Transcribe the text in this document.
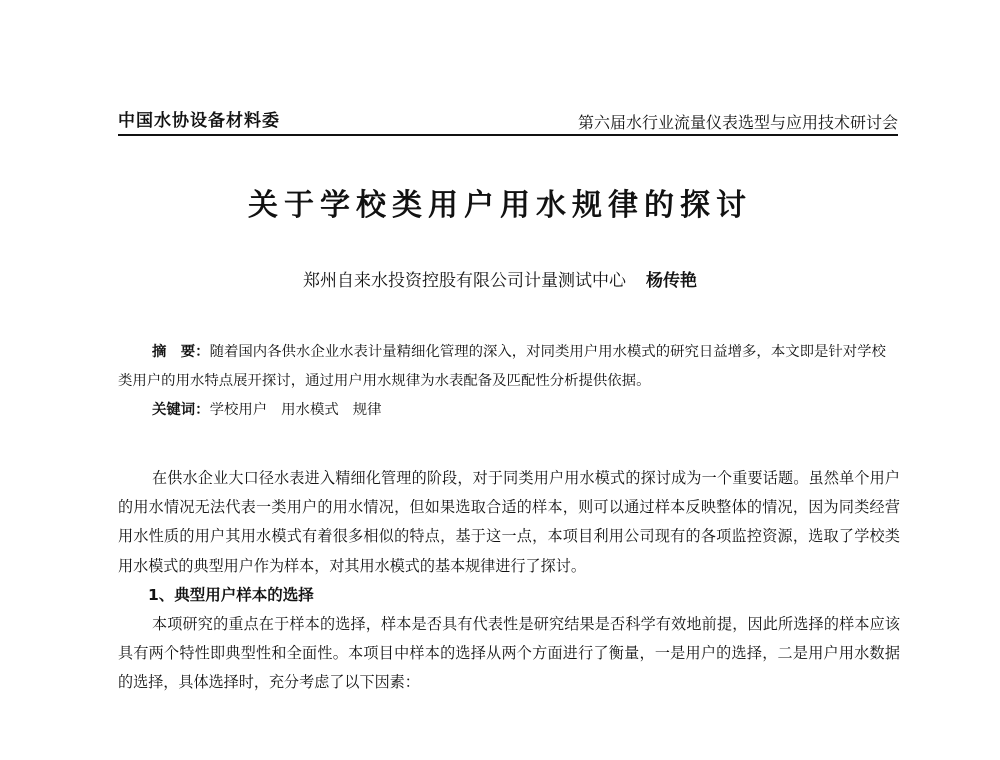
中国水协设备材料委	第六届水行业流量仪表选型与应用技术研讨会
关于学校类用户用水规律的探讨
郑州自来水投资控股有限公司计量测试中心 杨传艳

摘　要：随着国内各供水企业水表计量精细化管理的深入，对同类用户用水模式的研究日益增多，本文即是针对学校类用户的用水特点展开探讨，通过用户用水规律为水表配备及匹配性分析提供依据。

关键词：学校用户 用水模式 规律

在供水企业大口径水表进入精细化管理的阶段，对于同类用户用水模式的探讨成为一个重要话题。虽然单个用户的用水情况无法代表一类用户的用水情况，但如果选取合适的样本，则可以通过样本反映整体的情况，因为同类经营用水性质的用户其用水模式有着很多相似的特点，基于这一点，本项目利用公司现有的各项监控资源，选取了学校类用水模式的典型用户作为样本，对其用水模式的基本规律进行了探讨。

1、典型用户样本的选择

本项研究的重点在于样本的选择，样本是否具有代表性是研究结果是否科学有效地前提，因此所选择的样本应该具有两个特性即典型性和全面性。本项目中样本的选择从两个方面进行了衡量，一是用户的选择，二是用户用水数据的选择，具体选择时，充分考虑了以下因素：
